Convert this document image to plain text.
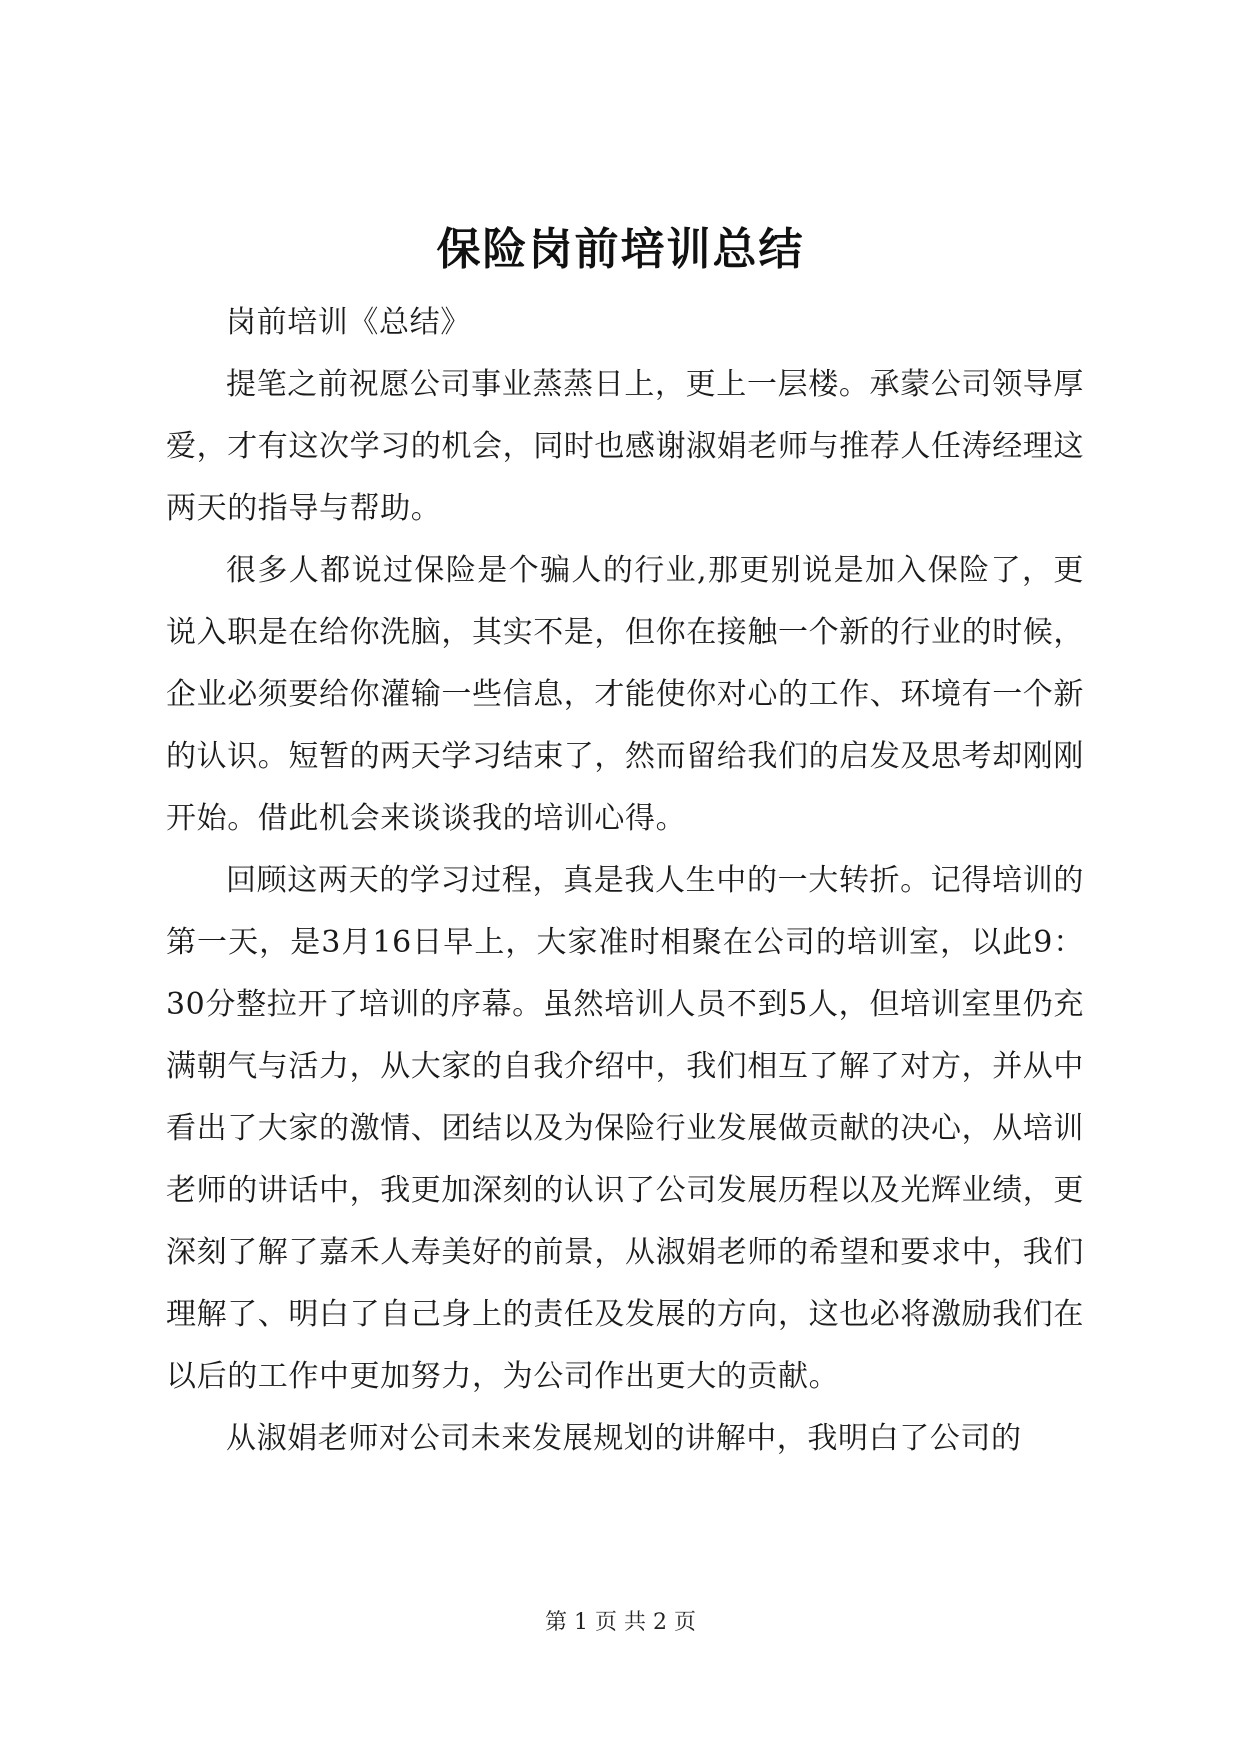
保险岗前培训总结

岗前培训《总结》

提笔之前祝愿公司事业蒸蒸日上，更上一层楼。承蒙公司领导厚爱，才有这次学习的机会，同时也感谢淑娟老师与推荐人任涛经理这两天的指导与帮助。

很多人都说过保险是个骗人的行业,那更别说是加入保险了，更说入职是在给你洗脑，其实不是，但你在接触一个新的行业的时候，企业必须要给你灌输一些信息，才能使你对心的工作、环境有一个新的认识。短暂的两天学习结束了，然而留给我们的启发及思考却刚刚开始。借此机会来谈谈我的培训心得。

回顾这两天的学习过程，真是我人生中的一大转折。记得培训的第一天，是3月16日早上，大家准时相聚在公司的培训室，以此9：30分整拉开了培训的序幕。虽然培训人员不到5人，但培训室里仍充满朝气与活力，从大家的自我介绍中，我们相互了解了对方，并从中看出了大家的激情、团结以及为保险行业发展做贡献的决心，从培训老师的讲话中，我更加深刻的认识了公司发展历程以及光辉业绩，更深刻了解了嘉禾人寿美好的前景，从淑娟老师的希望和要求中，我们理解了、明白了自己身上的责任及发展的方向，这也必将激励我们在以后的工作中更加努力，为公司作出更大的贡献。

从淑娟老师对公司未来发展规划的讲解中，我明白了公司的

第 1 页 共 2 页
